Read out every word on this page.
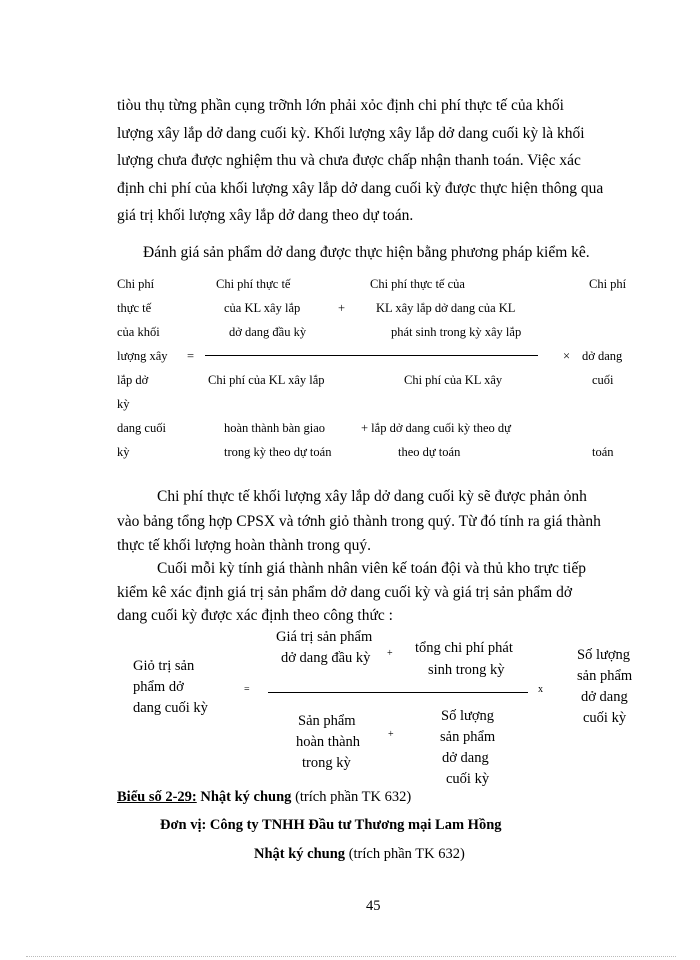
tiòu thụ từng phần cụng trỡnh lớn phải xỏc định chi phí thực tế của khối
lượng xây lắp dở dang cuối kỳ. Khối lượng xây lắp dở dang cuối kỳ là khối
lượng chưa được nghiệm thu và chưa được chấp nhận thanh toán. Việc xác
định chi phí của khối lượng xây lắp dở dang cuối kỳ được thực hiện thông qua
giá trị khối lượng xây lắp dở dang theo dự toán.
Đánh giá sản phẩm dở dang được thực hiện bằng phương pháp kiểm kê.
Chi phí
thực tế
của khối
lượng xây
lắp dở
kỳ
dang cuối
kỳ
=
Chi phí thực tế
của KL xây lắp
dở dang đầu kỳ
+
Chi phí thực tế của
KL xây lắp dở dang của KL
phát sinh trong kỳ xây lắp
Chi phí của KL xây lắp
hoàn thành bàn giao
trong kỳ theo dự toán
+ lắp dở dang cuối kỳ theo dự
Chi phí của KL xây
theo dự toán
×
Chi phí
dở dang
cuối
toán
Chi phí thực tế khối lượng xây lắp dở dang cuối kỳ sẽ được phản ỏnh
vào bảng tổng hợp CPSX và tớnh giỏ thành trong quý. Từ đó tính ra giá thành
thực tế khối lượng hoàn thành trong quý.
Cuối mỗi kỳ tính giá thành nhân viên kế toán đội và thủ kho trực tiếp
kiểm kê xác định giá trị sản phẩm dở dang cuối kỳ và giá trị sản phẩm dở
dang cuối kỳ được xác định theo công thức :
Giỏ trị sản
phẩm dở
dang cuối kỳ
=
Giá trị sản phẩm
dở dang đầu kỳ + tổng chi phí phát
sinh trong kỳ
Sản phẩm
hoàn thành
trong kỳ
+
Số lượng
sản phẩm
dở dang
cuối kỳ
x
Số lượng
sản phẩm
dở dang
cuối kỳ
Biểu số 2-29: Nhật ký chung (trích phần TK 632)
Đơn vị: Công ty TNHH Đầu tư Thương mại Lam Hồng
Nhật ký chung (trích phần TK 632)
45
